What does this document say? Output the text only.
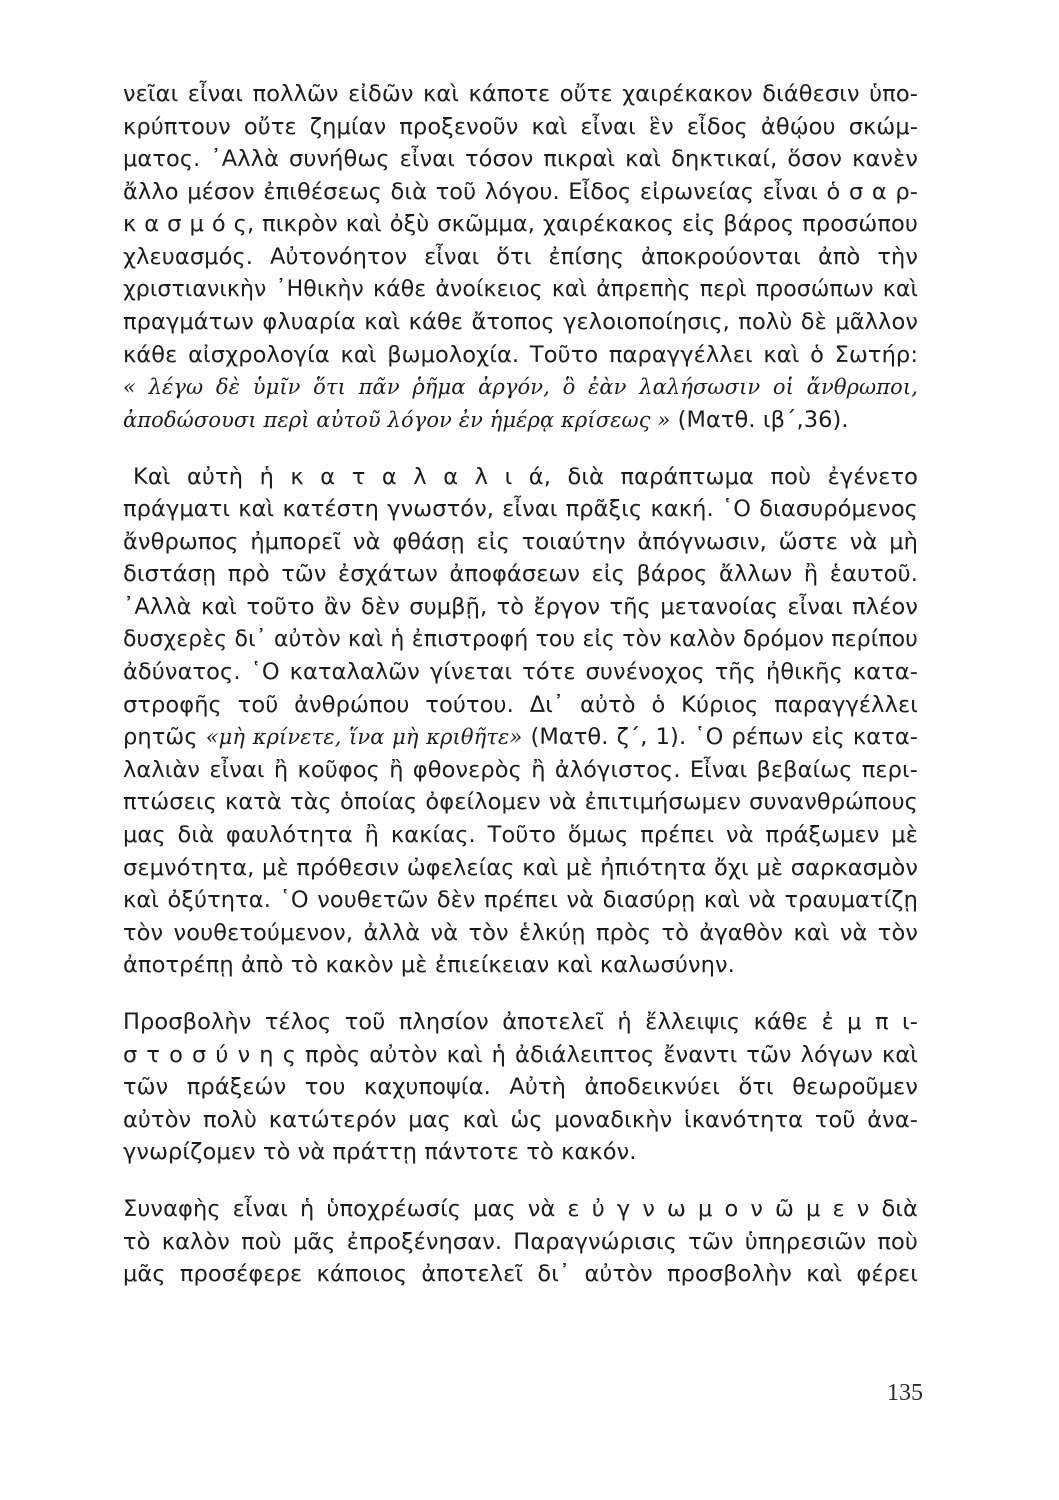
νεῖαι εἶναι πολλῶν εἰδῶν καὶ κάποτε οὔτε χαιρέκακον διάθεσιν ὑπο-
κρύπτουν οὔτε ζημίαν προξενοῦν καὶ εἶναι ἓν εἶδος ἀθῴου σκώμ-
ματος. ᾿Αλλὰ συνήθως εἶναι τόσον πικραὶ καὶ δηκτικαί, ὅσον κανὲν
ἄλλο μέσον ἐπιθέσεως διὰ τοῦ λόγου. Εἶδος εἰρωνείας εἶναι ὁ σ α ρ-
κ α σ μ ό ς, πικρὸν καὶ ὀξὺ σκῶμμα, χαιρέκακος εἰς βάρος προσώπου
χλευασμός. Αὐτονόητον εἶναι ὅτι ἐπίσης ἀποκρούονται ἀπὸ τὴν
χριστιανικὴν ᾿Ηθικὴν κάθε ἀνοίκειος καὶ ἀπρεπὴς περὶ προσώπων καὶ
πραγμάτων φλυαρία καὶ κάθε ἄτοπος γελοιοποίησις, πολὺ δὲ μᾶλλον
κάθε αἰσχρολογία καὶ βωμολοχία. Τοῦτο παραγγέλλει καὶ ὁ Σωτήρ:
« λέγω δὲ ὑμῖν ὅτι πᾶν ῥῆμα ἀργόν, ὃ ἐὰν λαλήσωσιν οἱ ἄνθρωποι,
ἀποδώσουσι περὶ αὐτοῦ λόγον ἐν ἡμέρᾳ κρίσεως » (Ματθ. ιβ΄,36).
Καὶ αὐτὴ ἡ κ α τ α λ α λ ι ά, διὰ παράπτωμα ποὺ ἐγένετο
πράγματι καὶ κατέστη γνωστόν, εἶναι πρᾶξις κακή. ῾Ο διασυρόμενος
ἄνθρωπος ἠμπορεῖ νὰ φθάσῃ εἰς τοιαύτην ἀπόγνωσιν, ὥστε νὰ μὴ
διστάσῃ πρὸ τῶν ἐσχάτων ἀποφάσεων εἰς βάρος ἄλλων ἢ ἑαυτοῦ.
᾿Αλλὰ καὶ τοῦτο ἂν δὲν συμβῇ, τὸ ἔργον τῆς μετανοίας εἶναι πλέον
δυσχερὲς δι᾿ αὐτὸν καὶ ἡ ἐπιστροφή του εἰς τὸν καλὸν δρόμον περίπου
ἀδύνατος. ῾Ο καταλαλῶν γίνεται τότε συνένοχος τῆς ἠθικῆς κατα-
στροφῆς τοῦ ἀνθρώπου τούτου. Δι᾿ αὐτὸ ὁ Κύριος παραγγέλλει
ρητῶς «μὴ κρίνετε, ἵνα μὴ κριθῆτε» (Ματθ. ζ΄, 1). ῾Ο ρέπων εἰς κατα-
λαλιὰν εἶναι ἢ κοῦφος ἢ φθονερὸς ἢ ἀλόγιστος. Εἶναι βεβαίως περι-
πτώσεις κατὰ τὰς ὁποίας ὀφείλομεν νὰ ἐπιτιμήσωμεν συνανθρώπους
μας διὰ φαυλότητα ἢ κακίας. Τοῦτο ὅμως πρέπει νὰ πράξωμεν μὲ
σεμνότητα, μὲ πρόθεσιν ὠφελείας καὶ μὲ ἠπιότητα ὄχι μὲ σαρκασμὸν
καὶ ὀξύτητα. ῾Ο νουθετῶν δὲν πρέπει νὰ διασύρῃ καὶ νὰ τραυματίζῃ
τὸν νουθετούμενον, ἀλλὰ νὰ τὸν ἑλκύῃ πρὸς τὸ ἀγαθὸν καὶ νὰ τὸν
ἀποτρέπῃ ἀπὸ τὸ κακὸν μὲ ἐπιείκειαν καὶ καλωσύνην.
Προσβολὴν τέλος τοῦ πλησίον ἀποτελεῖ ἡ ἔλλειψις κάθε ἐ μ π ι-
σ τ ο σ ύ ν η ς πρὸς αὐτὸν καὶ ἡ ἀδιάλειπτος ἔναντι τῶν λόγων καὶ
τῶν πράξεών του καχυποψία. Αὐτὴ ἀποδεικνύει ὅτι θεωροῦμεν
αὐτὸν πολὺ κατώτερόν μας καὶ ὡς μοναδικὴν ἱκανότητα τοῦ ἀνα-
γνωρίζομεν τὸ νὰ πράττῃ πάντοτε τὸ κακόν.
Συναφὴς εἶναι ἡ ὑποχρέωσίς μας νὰ ε ὐ γ ν ω μ ο ν ῶ μ ε ν διὰ
τὸ καλὸν ποὺ μᾶς ἐπροξένησαν. Παραγνώρισις τῶν ὑπηρεσιῶν ποὺ
μᾶς προσέφερε κάποιος ἀποτελεῖ δι᾿ αὐτὸν προσβολὴν καὶ φέρει
135
